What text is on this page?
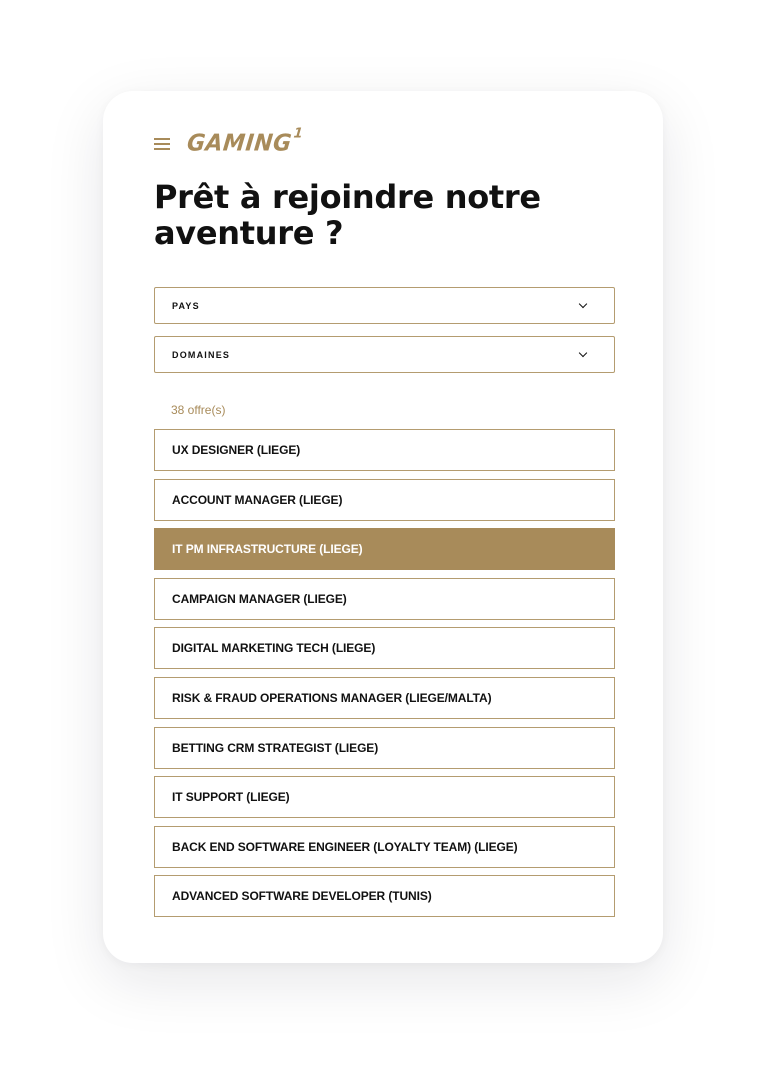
GAMING$^1$
Prêt à rejoindre notre aventure ?
PAYS
DOMAINES
38 offre(s)
UX DESIGNER (LIEGE)
ACCOUNT MANAGER (LIEGE)
IT PM INFRASTRUCTURE (LIEGE)
CAMPAIGN MANAGER (LIEGE)
DIGITAL MARKETING TECH (LIEGE)
RISK & FRAUD OPERATIONS MANAGER (LIEGE/MALTA)
BETTING CRM STRATEGIST (LIEGE)
IT SUPPORT (LIEGE)
BACK END SOFTWARE ENGINEER (LOYALTY TEAM) (LIEGE)
ADVANCED SOFTWARE DEVELOPER (TUNIS)
